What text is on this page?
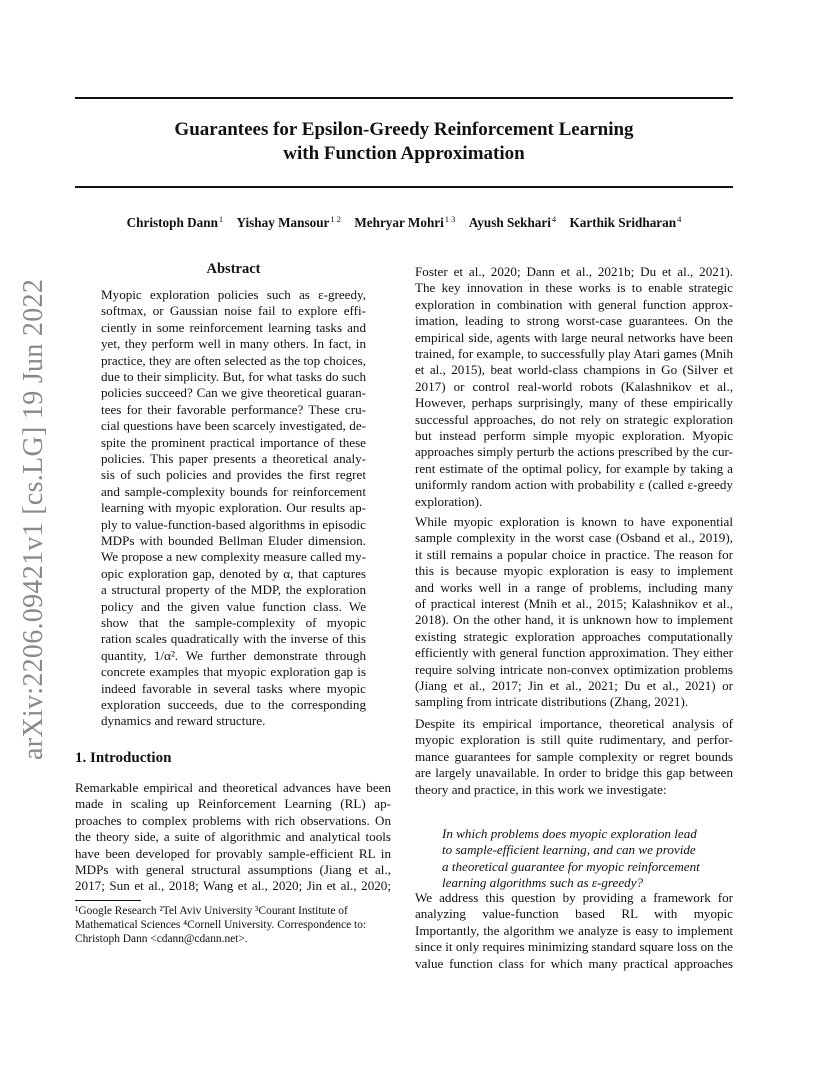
arXiv:2206.09421v1 [cs.LG] 19 Jun 2022
Guarantees for Epsilon-Greedy Reinforcement Learning
with Function Approximation
Christoph Dann$^1$ Yishay Mansour$^{1 2}$ Mehryar Mohri$^{1 3}$ Ayush Sekhari$^4$ Karthik Sridharan$^4$
Abstract
Myopic exploration policies such as ε-greedy,
softmax, or Gaussian noise fail to explore effi-
ciently in some reinforcement learning tasks and
yet, they perform well in many others. In fact, in
practice, they are often selected as the top choices,
due to their simplicity. But, for what tasks do such
policies succeed? Can we give theoretical guaran-
tees for their favorable performance? These cru-
cial questions have been scarcely investigated, de-
spite the prominent practical importance of these
policies. This paper presents a theoretical analy-
sis of such policies and provides the first regret
and sample-complexity bounds for reinforcement
learning with myopic exploration. Our results ap-
ply to value-function-based algorithms in episodic
MDPs with bounded Bellman Eluder dimension.
We propose a new complexity measure called my-
opic exploration gap, denoted by α, that captures
a structural property of the MDP, the exploration
policy and the given value function class. We
show that the sample-complexity of myopic
ration scales quadratically with the inverse of this
quantity, 1/α². We further demonstrate through
concrete examples that myopic exploration gap is
indeed favorable in several tasks where myopic
exploration succeeds, due to the corresponding
dynamics and reward structure.
1. Introduction
Remarkable empirical and theoretical advances have been
made in scaling up Reinforcement Learning (RL) ap-
proaches to complex problems with rich observations. On
the theory side, a suite of algorithmic and analytical tools
have been developed for provably sample-efficient RL in
MDPs with general structural assumptions (Jiang et al.,
2017; Sun et al., 2018; Wang et al., 2020; Jin et al., 2020;
¹Google Research ²Tel Aviv University ³Courant Institute of
Mathematical Sciences ⁴Cornell University. Correspondence to:
Christoph Dann <cdann@cdann.net>.
Foster et al., 2020; Dann et al., 2021b; Du et al., 2021).
The key innovation in these works is to enable strategic
exploration in combination with general function approx-
imation, leading to strong worst-case guarantees. On the
empirical side, agents with large neural networks have been
trained, for example, to successfully play Atari games (Mnih
et al., 2015), beat world-class champions in Go (Silver et
2017) or control real-world robots (Kalashnikov et al.,
However, perhaps surprisingly, many of these empirically
successful approaches, do not rely on strategic exploration
but instead perform simple myopic exploration. Myopic
approaches simply perturb the actions prescribed by the cur-
rent estimate of the optimal policy, for example by taking a
uniformly random action with probability ε (called ε-greedy
exploration).
While myopic exploration is known to have exponential
sample complexity in the worst case (Osband et al., 2019),
it still remains a popular choice in practice. The reason for
this is because myopic exploration is easy to implement
and works well in a range of problems, including many
of practical interest (Mnih et al., 2015; Kalashnikov et al.,
2018). On the other hand, it is unknown how to implement
existing strategic exploration approaches computationally
efficiently with general function approximation. They either
require solving intricate non-convex optimization problems
(Jiang et al., 2017; Jin et al., 2021; Du et al., 2021) or
sampling from intricate distributions (Zhang, 2021).
Despite its empirical importance, theoretical analysis of
myopic exploration is still quite rudimentary, and perfor-
mance guarantees for sample complexity or regret bounds
are largely unavailable. In order to bridge this gap between
theory and practice, in this work we investigate:
We address this question by providing a framework for
analyzing value-function based RL with myopic
Importantly, the algorithm we analyze is easy to implement
since it only requires minimizing standard square loss on the
value function class for which many practical approaches
In which problems does myopic exploration lead
to sample-efficient learning, and can we provide
a theoretical guarantee for myopic reinforcement
learning algorithms such as ε-greedy?
